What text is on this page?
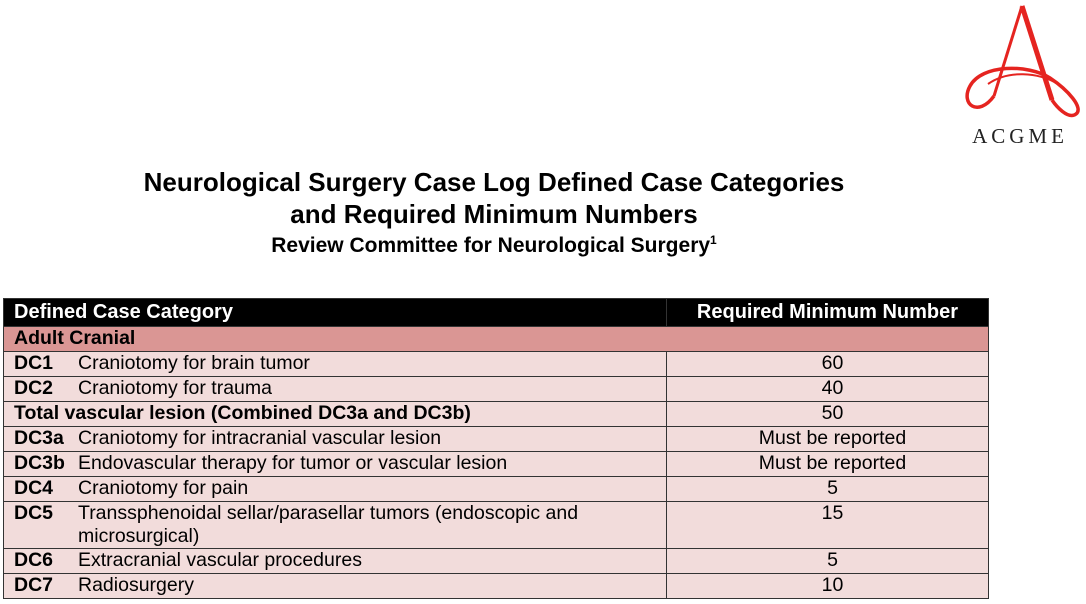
ACGME
Neurological Surgery Case Log Defined Case Categories
and Required Minimum Numbers
Review Committee for Neurological Surgery$^1$
Defined Case Category	Required Minimum Number
Adult Cranial	

DC1 Craniotomy for brain tumor	60

DC2 Craniotomy for trauma	40

Total vascular lesion (Combined DC3a and DC3b)	50

DC3a Craniotomy for intracranial vascular lesion	Must be reported

DC3b Endovascular therapy for tumor or vascular lesion	Must be reported

DC4 Craniotomy for pain	5

DC5 Transsphenoidal sellar/parasellar tumors (endoscopic and microsurgical)	15

DC6 Extracranial vascular procedures	5

DC7 Radiosurgery	10
